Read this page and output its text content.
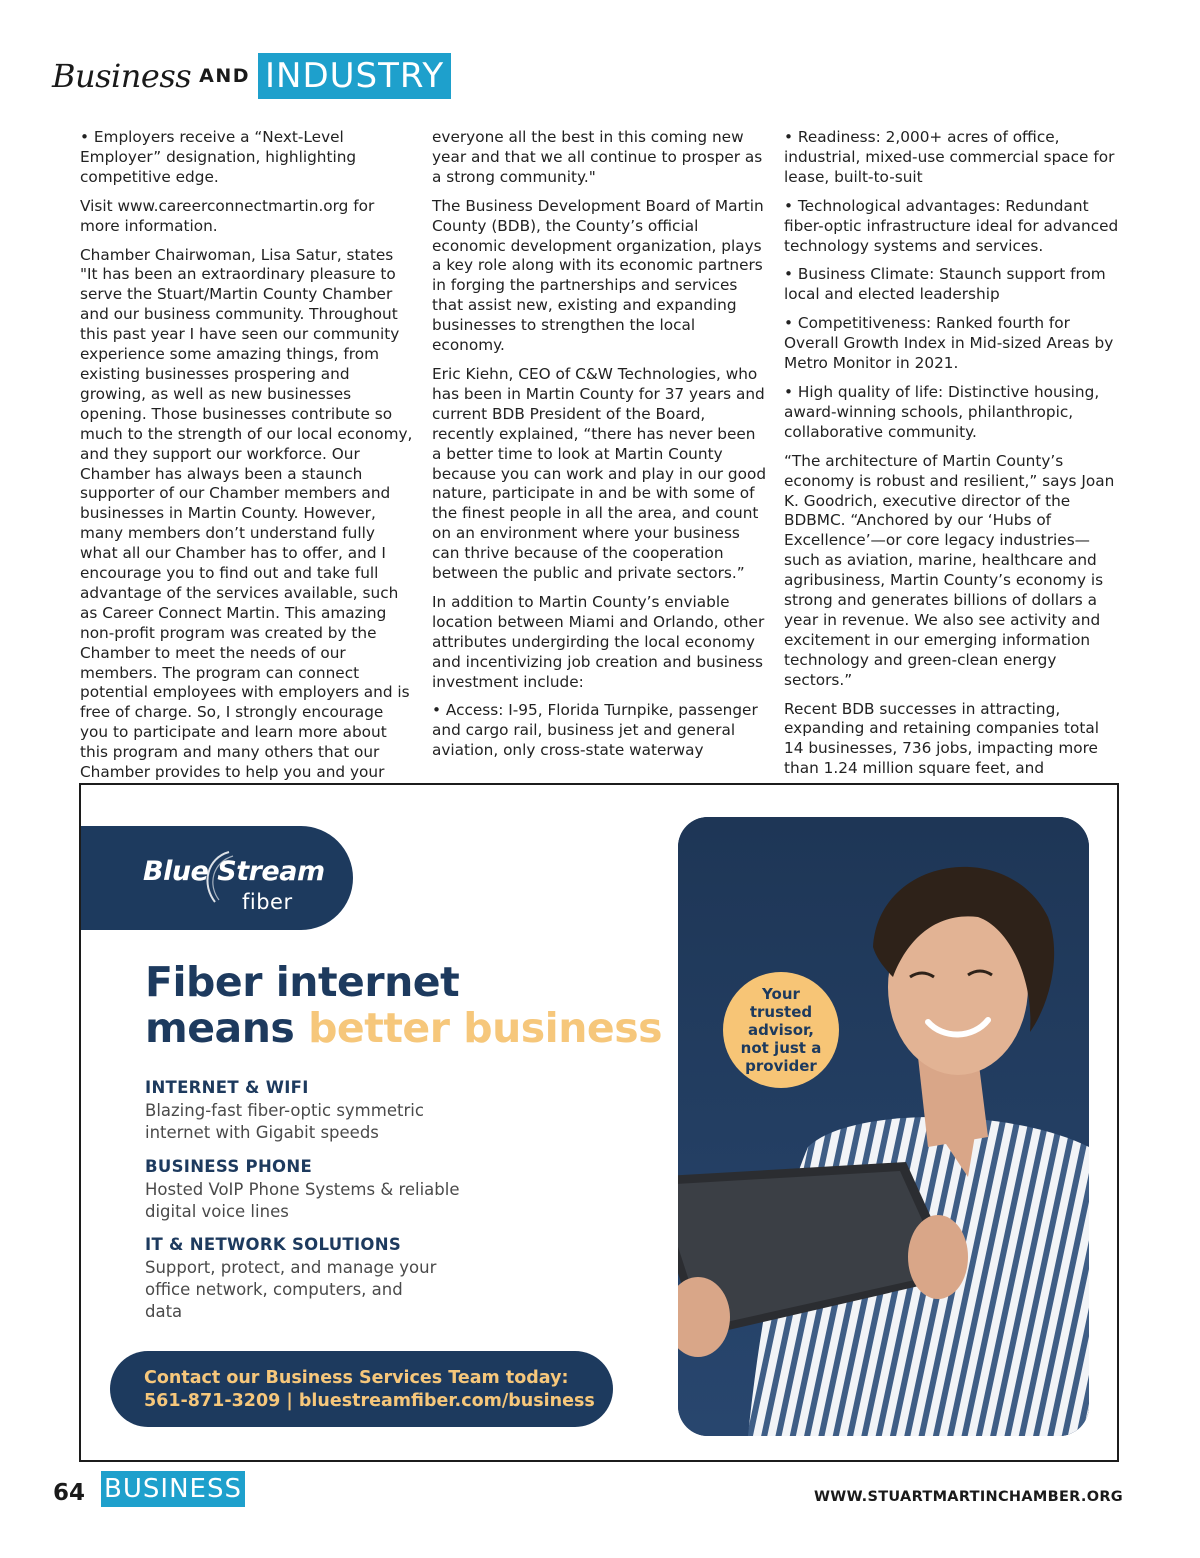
Business AND INDUSTRY

• Employers receive a “Next-Level Employer” designation, highlighting competitive edge.

Visit www.careerconnectmartin.org for more information.

Chamber Chairwoman, Lisa Satur, states "It has been an extraordinary pleasure to serve the Stuart/Martin County Chamber and our business community. Throughout this past year I have seen our community experience some amazing things, from existing businesses prospering and growing, as well as new businesses opening. Those businesses contribute so much to the strength of our local economy, and they support our workforce. Our Chamber has always been a staunch supporter of our Chamber members and businesses in Martin County. However, many members don’t understand fully what all our Chamber has to offer, and I encourage you to find out and take full advantage of the services available, such as Career Connect Martin. This amazing non-profit program was created by the Chamber to meet the needs of our members. The program can connect potential employees with employers and is free of charge. So, I strongly encourage you to participate and learn more about this program and many others that our Chamber provides to help you and your

everyone all the best in this coming new year and that we all continue to prosper as a strong community."

The Business Development Board of Martin County (BDB), the County’s official economic development organization, plays a key role along with its economic partners in forging the partnerships and services that assist new, existing and expanding businesses to strengthen the local economy.

Eric Kiehn, CEO of C&W Technologies, who has been in Martin County for 37 years and current BDB President of the Board, recently explained, “there has never been a better time to look at Martin County because you can work and play in our good nature, participate in and be with some of the finest people in all the area, and count on an environment where your business can thrive because of the cooperation between the public and private sectors.”

In addition to Martin County’s enviable location between Miami and Orlando, other attributes undergirding the local economy and incentivizing job creation and business investment include:

• Access: I-95, Florida Turnpike, passenger and cargo rail, business jet and general aviation, only cross-state waterway

• Readiness: 2,000+ acres of office, industrial, mixed-use commercial space for lease, built-to-suit

• Technological advantages: Redundant fiber-optic infrastructure ideal for advanced technology systems and services.

• Business Climate: Staunch support from local and elected leadership

• Competitiveness: Ranked fourth for Overall Growth Index in Mid-sized Areas by Metro Monitor in 2021.

• High quality of life: Distinctive housing, award-winning schools, philanthropic, collaborative community.

“The architecture of Martin County’s economy is robust and resilient,” says Joan K. Goodrich, executive director of the BDBMC. “Anchored by our ‘Hubs of Excellence’—or core legacy industries—such as aviation, marine, healthcare and agribusiness, Martin County’s economy is strong and generates billions of dollars a year in revenue. We also see activity and excitement in our emerging information technology and green-clean energy sectors.”

Recent BDB successes in attracting, expanding and retaining companies total 14 businesses, 736 jobs, impacting more than 1.24 million square feet, and

Blue Stream
fiber
Fiber internet
means better business
INTERNET & WIFI
Blazing-fast fiber-optic symmetric internet with Gigabit speeds
BUSINESS PHONE
Hosted VoIP Phone Systems & reliable digital voice lines
IT & NETWORK SOLUTIONS
Support, protect, and manage your office network, computers, and data
Contact our Business Services Team today:
561-871-3209 | bluestreamfiber.com/business
Your
trusted
advisor,
not just a
provider
64 BUSINESS	WWW.STUARTMARTINCHAMBER.ORG
